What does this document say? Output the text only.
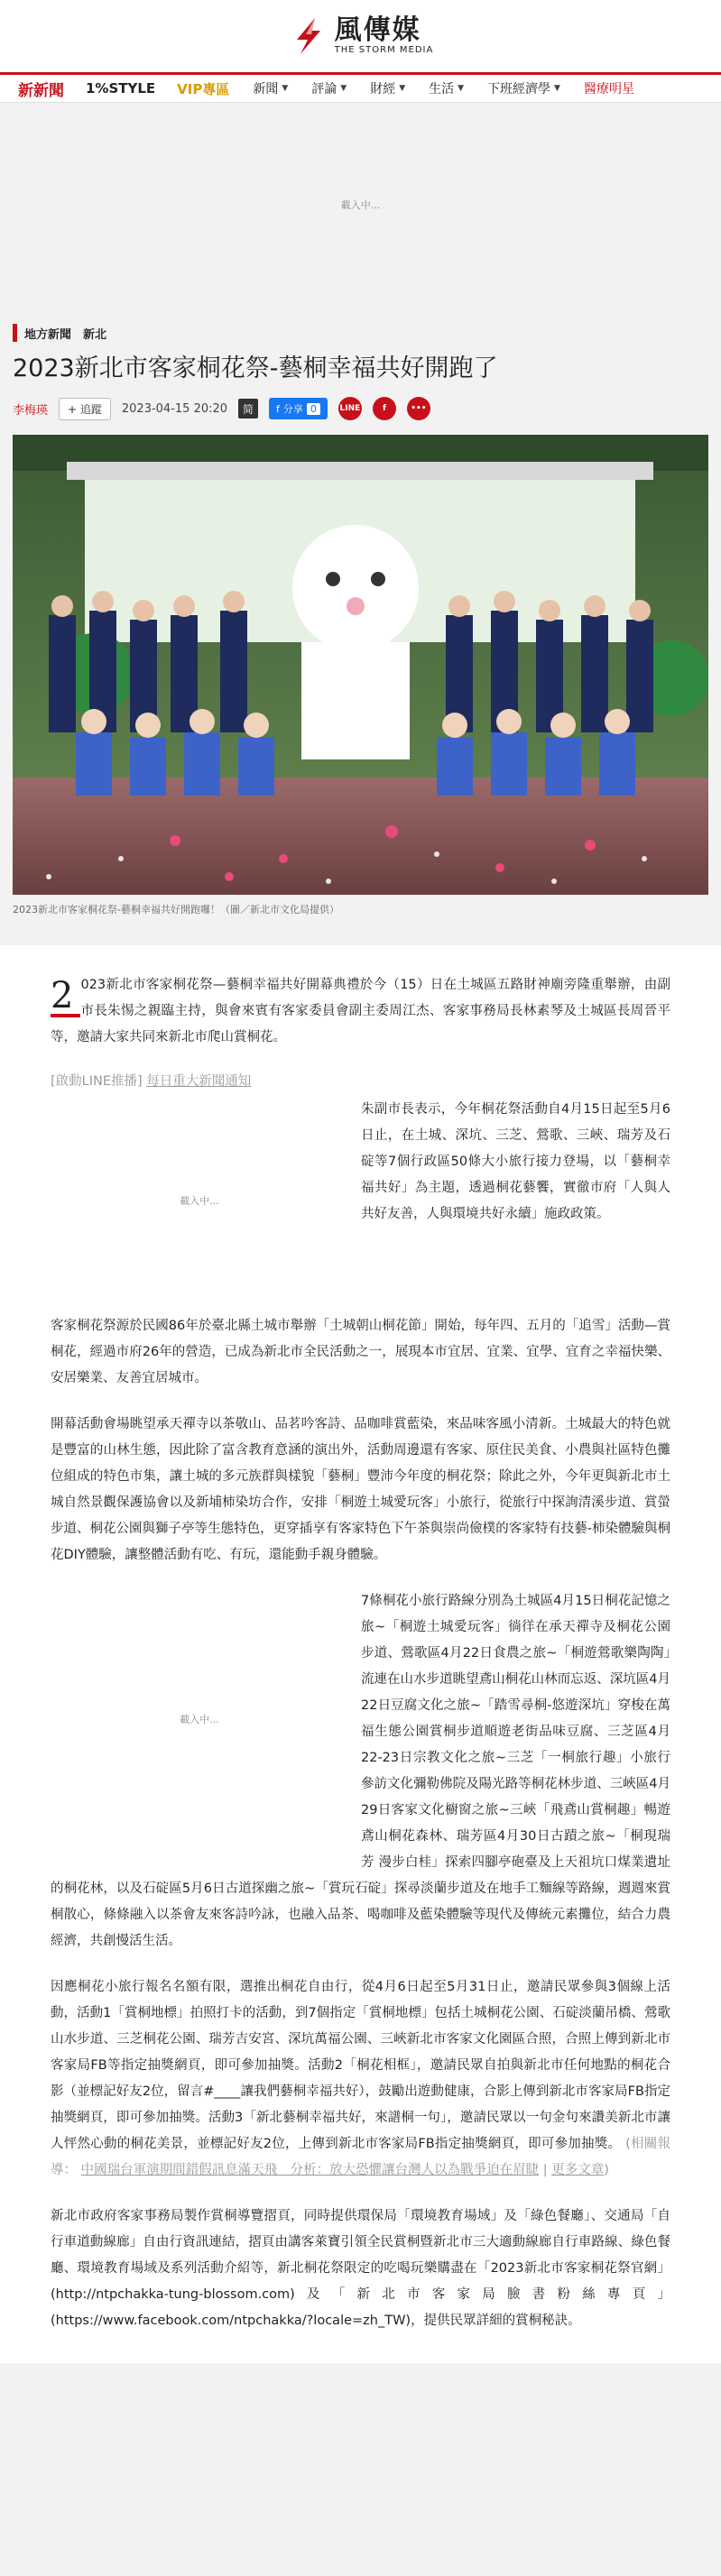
風傳媒
THE STORM MEDIA
新新聞 1%STYLE VIP專區 新聞 ▼ 評論 ▼ 財經 ▼ 生活 ▼ 下班經濟學 ▼ 醫療明星
載入中...
地方新聞　新北
2023新北市客家桐花祭-藝桐幸福共好開跑了
李梅瑛	+ 追蹤	2023-04-15 20:20	简	f 分享 0	LINE	f	•••
2023新北市客家桐花祭-藝桐幸福共好開跑囉！（圖／新北市文化局提供）

2 023新北市客家桐花祭—藝桐幸福共好開幕典禮於今（15）日在土城區五路財神廟旁隆重舉辦，由副市長朱惕之親臨主持，與會來賓有客家委員會副主委周江杰、客家事務局長林素琴及土城區長周晉平等，邀請大家共同來新北市爬山賞桐花。

[啟動LINE推播] 每日重大新聞通知
載入中...

朱副市長表示，今年桐花祭活動自4月15日起至5月6日止，在土城、深坑、三芝、鶯歌、三峽、瑞芳及石碇等7個行政區50條大小旅行接力登場，以「藝桐幸福共好」為主題，透過桐花藝饗，實徹市府「人與人共好友善，人與環境共好永續」施政政策。

客家桐花祭源於民國86年於臺北縣土城市舉辦「土城朝山桐花節」開始，每年四、五月的「追雪」活動—賞桐花，經過市府26年的營造，已成為新北市全民活動之一，展現本市宜居、宜業、宜學、宜育之幸福快樂、安居樂業、友善宜居城市。

開幕活動會場眺望承天禪寺以茶敬山、品茗吟客詩、品咖啡賞藍染，來品味客風小清新。土城最大的特色就是豐富的山林生態，因此除了富含教育意涵的演出外，活動周邊還有客家、原住民美食、小農與社區特色攤位組成的特色市集，讓土城的多元族群與樣貌「藝桐」豐沛今年度的桐花祭；除此之外，今年更與新北市土城自然景觀保護協會以及新埔柿染坊合作，安排「桐遊土城愛玩客」小旅行，從旅行中探詢清溪步道、賞螢步道、桐花公園與獅子亭等生態特色，更穿插享有客家特色下午茶與崇尚儉樸的客家特有技藝-柿染體驗與桐花DIY體驗，讓整體活動有吃、有玩，還能動手親身體驗。

載入中...

7條桐花小旅行路線分別為土城區4月15日桐花記憶之旅~「桐遊土城愛玩客」徜徉在承天禪寺及桐花公園步道、鶯歌區4月22日食農之旅~「桐遊鶯歌樂陶陶」流連在山水步道眺望鳶山桐花山林而忘返、深坑區4月22日豆腐文化之旅~「踏雪尋桐-悠遊深坑」穿梭在萬福生態公園賞桐步道順遊老街品味豆腐、三芝區4月22-23日宗教文化之旅~三芝「一桐旅行趣」小旅行參訪文化彌勒佛院及陽光路等桐花林步道、三峽區4月29日客家文化櫥窗之旅~三峽「飛鳶山賞桐趣」暢遊鳶山桐花森林、瑞芳區4月30日古蹟之旅~「桐現瑞芳 漫步白桂」探索四腳亭砲臺及上天祖坑口煤業遺址的桐花林，以及石碇區5月6日古道探幽之旅~「賞玩石碇」探尋淡蘭步道及在地手工麵線等路線，週週來賞桐散心，條條融入以茶會友來客詩吟詠，也融入品茶、喝咖啡及藍染體驗等現代及傳統元素攤位，結合力農經濟，共創慢活生活。

因應桐花小旅行報名名額有限，選推出桐花自由行，從4月6日起至5月31日止，邀請民眾參與3個線上活動，活動1「賞桐地標」拍照打卡的活動，到7個指定「賞桐地標」包括土城桐花公園、石碇淡蘭吊橋、鶯歌山水步道、三芝桐花公園、瑞芳吉安宮、深坑萬福公園、三峽新北市客家文化園區合照，合照上傳到新北市客家局FB等指定抽獎網頁，即可參加抽獎。活動2「桐花相框」，邀請民眾自拍與新北市任何地點的桐花合影（並標記好友2位，留言#____讓我們藝桐幸福共好），鼓勵出遊動健康，合影上傳到新北市客家局FB指定抽獎網頁，即可參加抽獎。活動3「新北藝桐幸福共好，來譜桐一句」，邀請民眾以一句金句來讚美新北市讓人怦然心動的桐花美景，並標記好友2位，上傳到新北市客家局FB指定抽獎網頁，即可參加抽獎。 (相關報導： 中國瑞台軍演期間錯假訊息滿天飛　分析：放大恐懼讓台灣人以為戰爭迫在眉睫 | 更多文章)

新北市政府客家事務局製作賞桐導覽摺頁，同時提供環保局「環境教育場域」及「綠色餐廳」、交通局「自行車道動線廊」自由行資訊連結，摺頁由講客萊寶引領全民賞桐暨新北市三大適動線廊自行車路線、綠色餐廳、環境教育場域及系列活動介紹等，新北桐花祭限定的吃喝玩樂購盡在「2023新北市客家桐花祭官網」(http://ntpchakka-tung-blossom.com)及「新北市客家局臉書粉絲專頁」(https://www.facebook.com/ntpchakka/?locale=zh_TW)，提供民眾詳細的賞桐秘訣。
